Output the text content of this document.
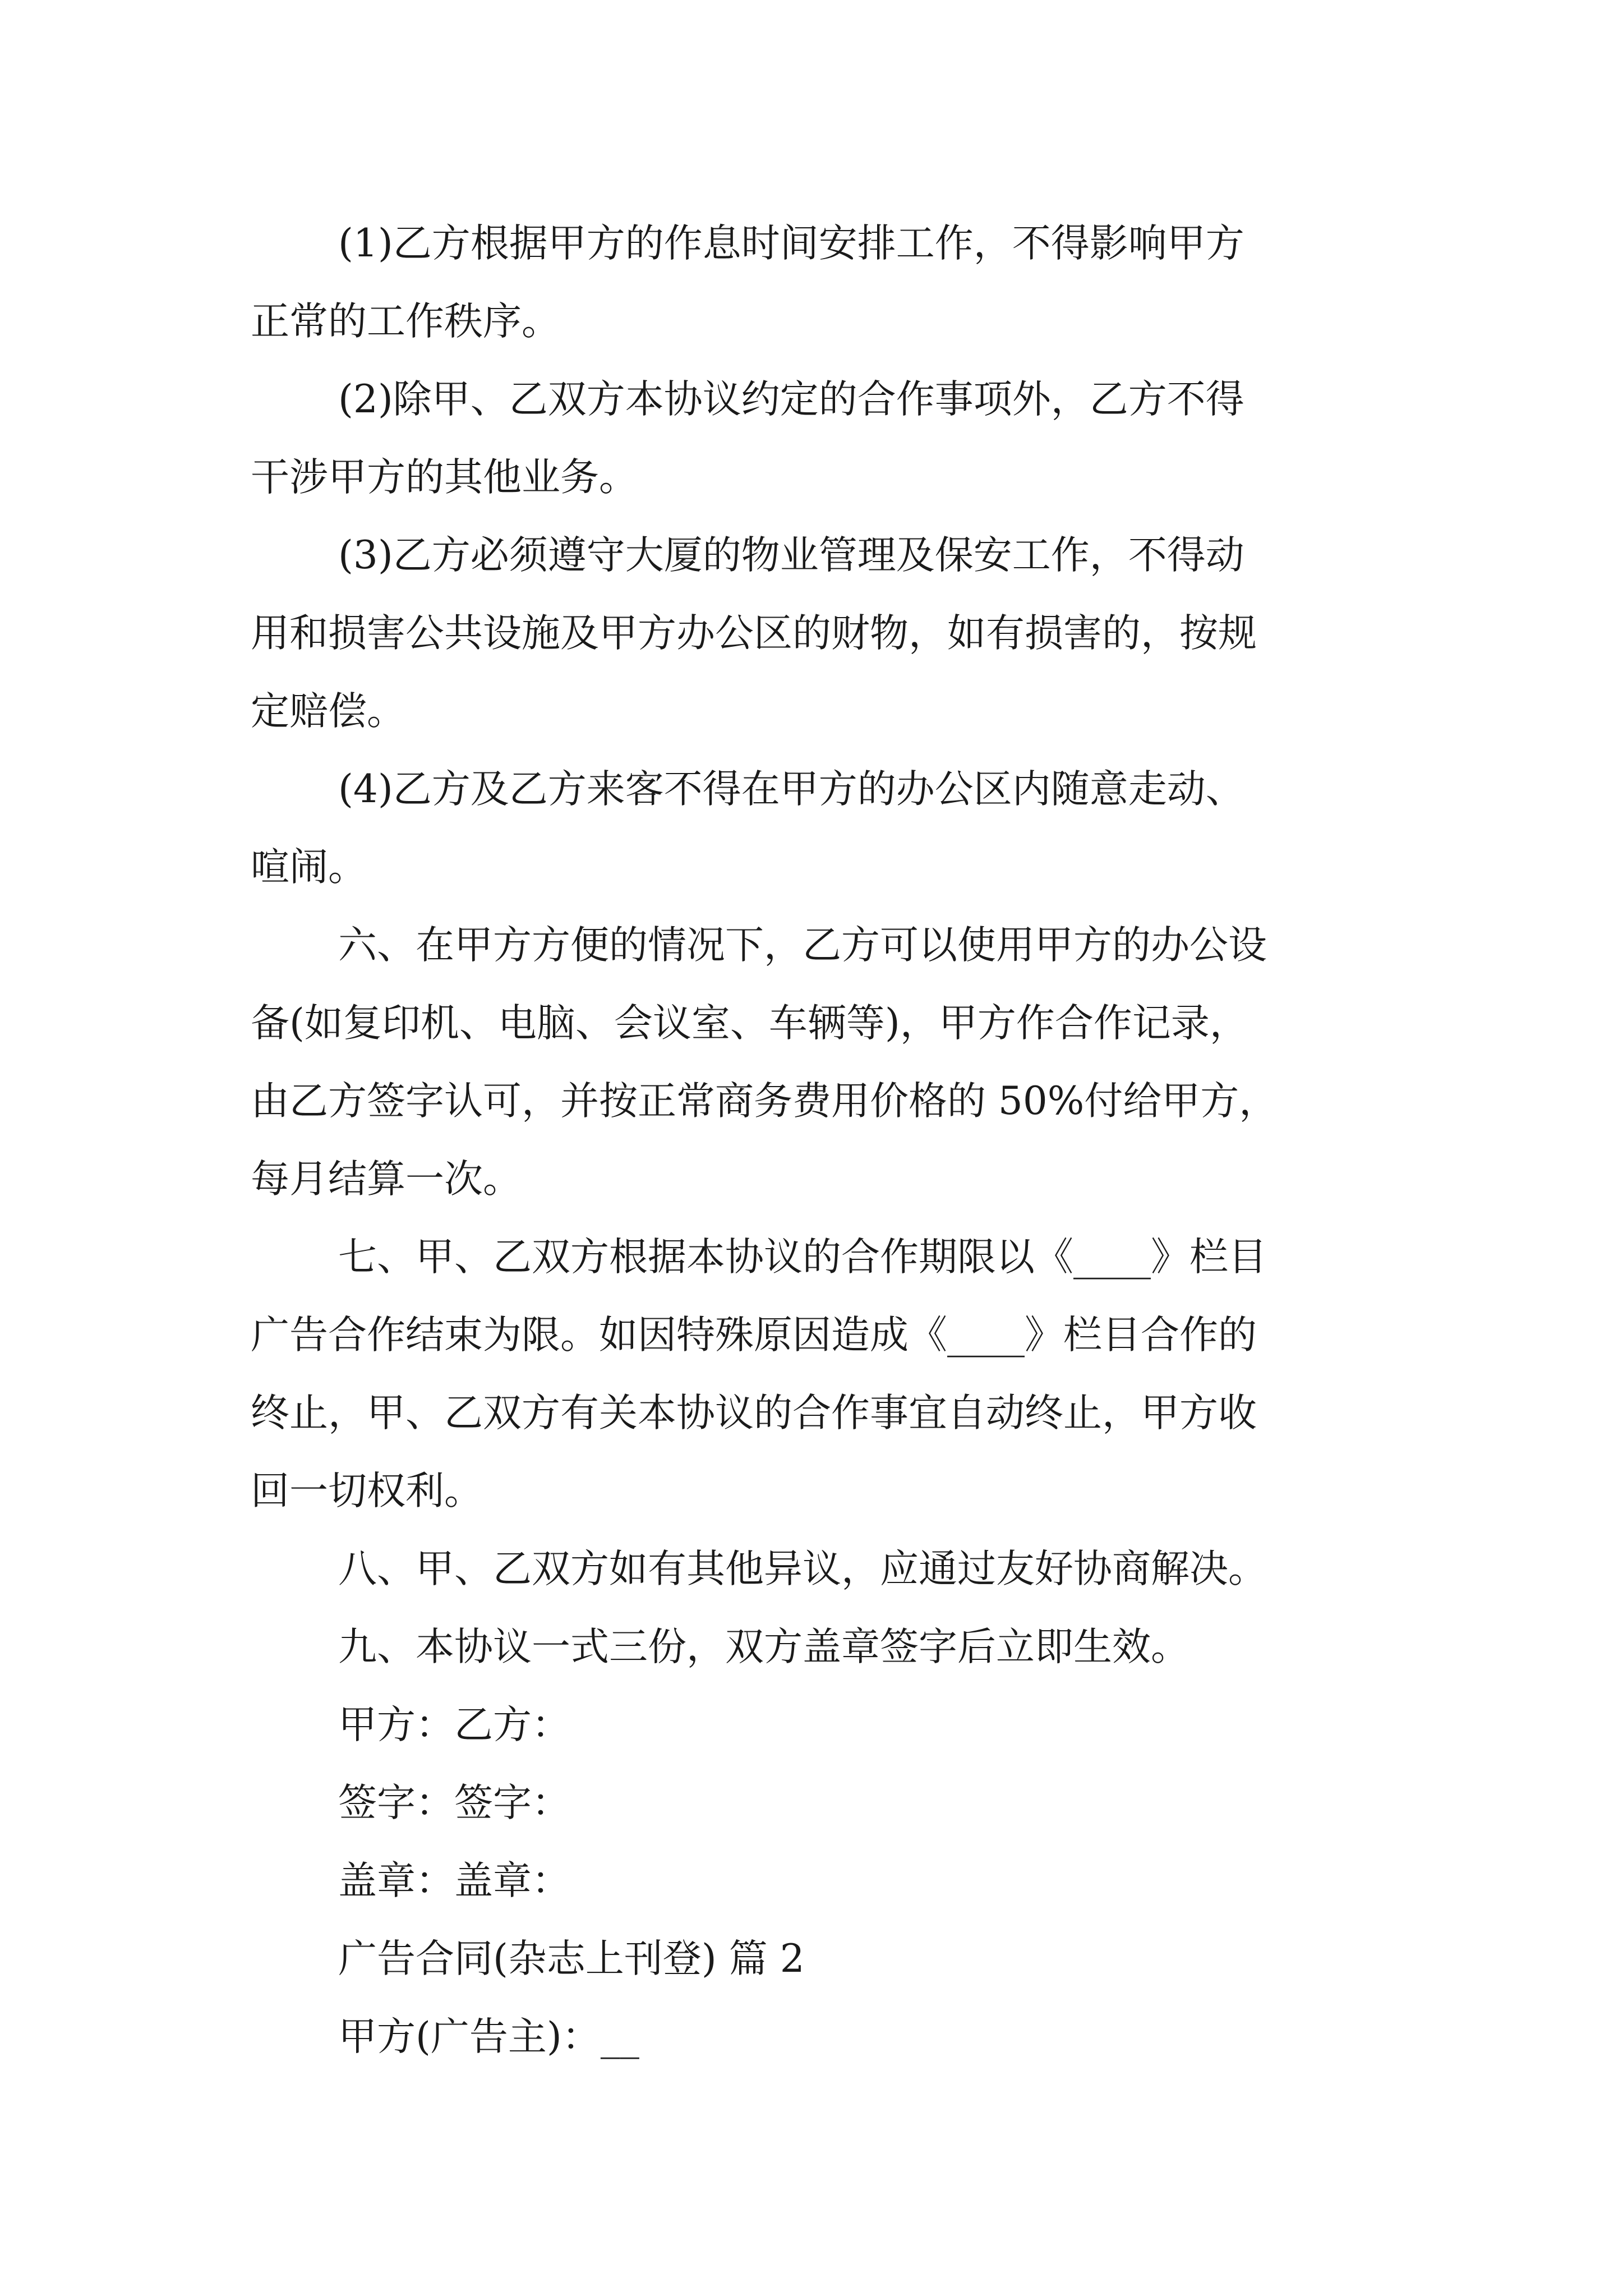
(1)乙方根据甲方的作息时间安排工作，不得影响甲方
正常的工作秩序。
(2)除甲、乙双方本协议约定的合作事项外，乙方不得
干涉甲方的其他业务。
(3)乙方必须遵守大厦的物业管理及保安工作，不得动
用和损害公共设施及甲方办公区的财物，如有损害的，按规
定赔偿。
(4)乙方及乙方来客不得在甲方的办公区内随意走动、
喧闹。
六、在甲方方便的情况下，乙方可以使用甲方的办公设
备(如复印机、电脑、会议室、车辆等)，甲方作合作记录，
由乙方签字认可，并按正常商务费用价格的 50%付给甲方，
每月结算一次。
七、甲、乙双方根据本协议的合作期限以《____》栏目
广告合作结束为限。如因特殊原因造成《____》栏目合作的
终止，甲、乙双方有关本协议的合作事宜自动终止，甲方收
回一切权利。
八、甲、乙双方如有其他异议，应通过友好协商解决。
九、本协议一式三份，双方盖章签字后立即生效。
甲方：乙方：
签字：签字：
盖章：盖章：
广告合同(杂志上刊登) 篇 2
甲方(广告主)：__
